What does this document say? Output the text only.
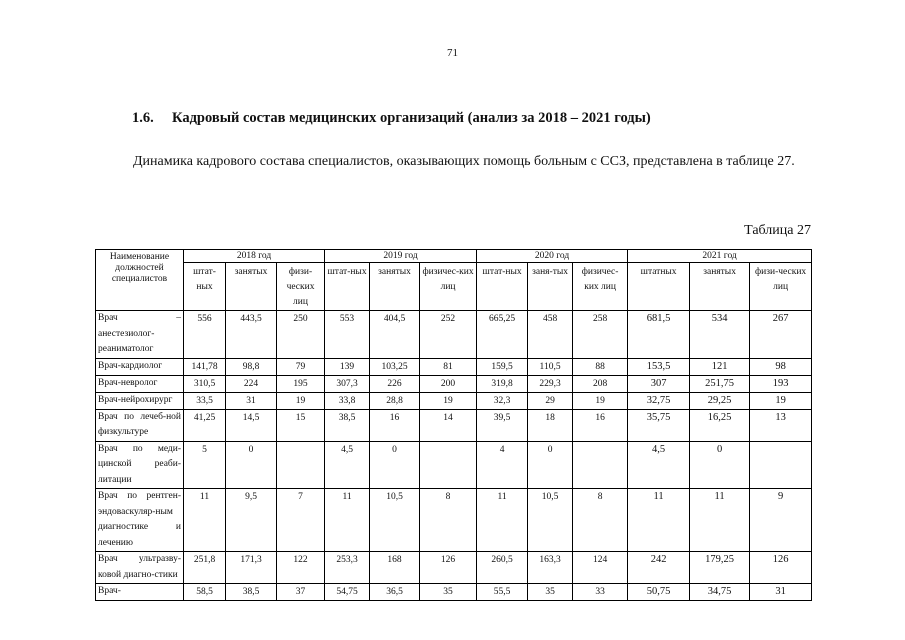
71
1.6. Кадровый состав медицинских организаций (анализ за 2018 – 2021 годы)
Динамика кадрового состава специалистов, оказывающих помощь больным с ССЗ, представлена в таблице 27.
Таблица 27
Наименование должностей специалистов	2018 год			2019 год			2020 год			2021 год		
	штат-ных	занятых	физи-ческих лиц	штат-ных	занятых	физичес-ких лиц	штат-ных	заня-тых	физичес-ких лиц	штатных	занятых	физи-ческих лиц
Врач – анестезиолог-реаниматолог	556	443,5	250	553	404,5	252	665,25	458	258	681,5	534	267
Врач-кардиолог	141,78	98,8	79	139	103,25	81	159,5	110,5	88	153,5	121	98
Врач-невролог	310,5	224	195	307,3	226	200	319,8	229,3	208	307	251,75	193
Врач-нейрохирург	33,5	31	19	33,8	28,8	19	32,3	29	19	32,75	29,25	19
Врач по лечеб-ной физкультуре	41,25	14,5	15	38,5	16	14	39,5	18	16	35,75	16,25	13
Врач по меди-цинской реаби-литации	5	0		4,5	0		4	0		4,5	0	
Врач по рентген-эндоваскуляр-ным диагностике и лечению	11	9,5	7	11	10,5	8	11	10,5	8	11	11	9
Врач ультразву-ковой диагно-стики	251,8	171,3	122	253,3	168	126	260,5	163,3	124	242	179,25	126
Врач-	58,5	38,5	37	54,75	36,5	35	55,5	35	33	50,75	34,75	31
